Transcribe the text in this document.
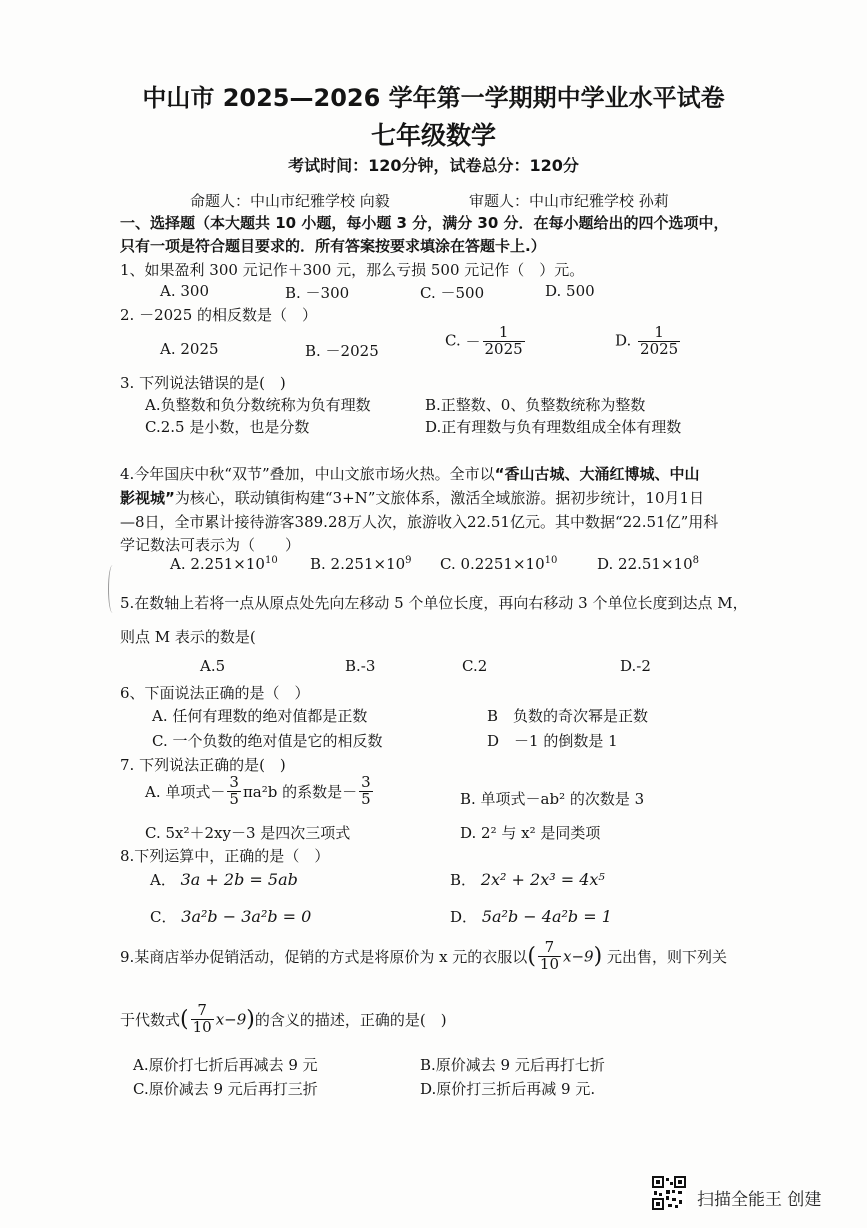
中山市 2025—2026 学年第一学期期中学业水平试卷
七年级数学
考试时间：120分钟，试卷总分：120分
命题人：中山市纪雅学校 向毅	审题人：中山市纪雅学校 孙莉
一、选择题（本大题共 10 小题，每小题 3 分，满分 30 分．在每小题给出的四个选项中，
只有一项是符合题目要求的．所有答案按要求填涂在答题卡上.）
1、如果盈利 300 元记作＋300 元，那么亏损 500 元记作（　）元。
A. 300	B. －300	C. －500	D. 500
2. －2025 的相反数是（　）
A. 2025	B. －2025
C. － $\frac{1}{2025}$	D. $\frac{1}{2025}$
3. 下列说法错误的是(　)
A.负整数和负分数统称为负有理数	B.正整数、0、负整数统称为整数
C.2.5 是小数，也是分数	D.正有理数与负有理数组成全体有理数
4.今年国庆中秋“双节”叠加，中山文旅市场火热。全市以“香山古城、大涌红博城、中山
影视城”为核心，联动镇街构建“3+N”文旅体系，激活全域旅游。据初步统计，10月1日
—8日，全市累计接待游客389.28万人次，旅游收入22.51亿元。其中数据“22.51亿”用科
学记数法可表示为（　　）
A. $2.251\times 10^{10}$ B. $2.251\times 10^9$ C. $0.2251\times 10^{10}$	D. $22.51\times 10^8$
5.在数轴上若将一点从原点处先向左移动 5 个单位长度，再向右移动 3 个单位长度到达点 M，
则点 M 表示的数是(
A.5	B.-3	C.2	D.-2
6、下面说法正确的是（　）
A. 任何有理数的绝对值都是正数	B　负数的奇次幂是正数
C. 一个负数的绝对值是它的相反数	D　－1 的倒数是 1
7. 下列说法正确的是(　)
A. 单项式－ $\frac{3}{5} \pi a^2b$ 的系数是－ $\frac{3}{5}$	B. 单项式－ab² 的次数是 3
C. 5x²＋2xy－3 是四次三项式	D. 2² 与 x² 是同类项
8.下列运算中，正确的是（　）
A． 3a + 2b = 5ab	B． 2x² + 2x³ = 4x⁵
C． 3a²b − 3a²b = 0	D． 5a²b − 4a²b = 1
9.某商店举办促销活动，促销的方式是将原价为 x 元的衣服以( $\frac{7}{10} x-9$) 元出售，则下列关
于代数式( $\frac{7}{10} x-9$)的含义的描述，正确的是(　)
A.原价打七折后再减去 9 元	B.原价减去 9 元后再打七折
C.原价减去 9 元后再打三折	D.原价打三折后再减 9 元.
扫描全能王 创建
